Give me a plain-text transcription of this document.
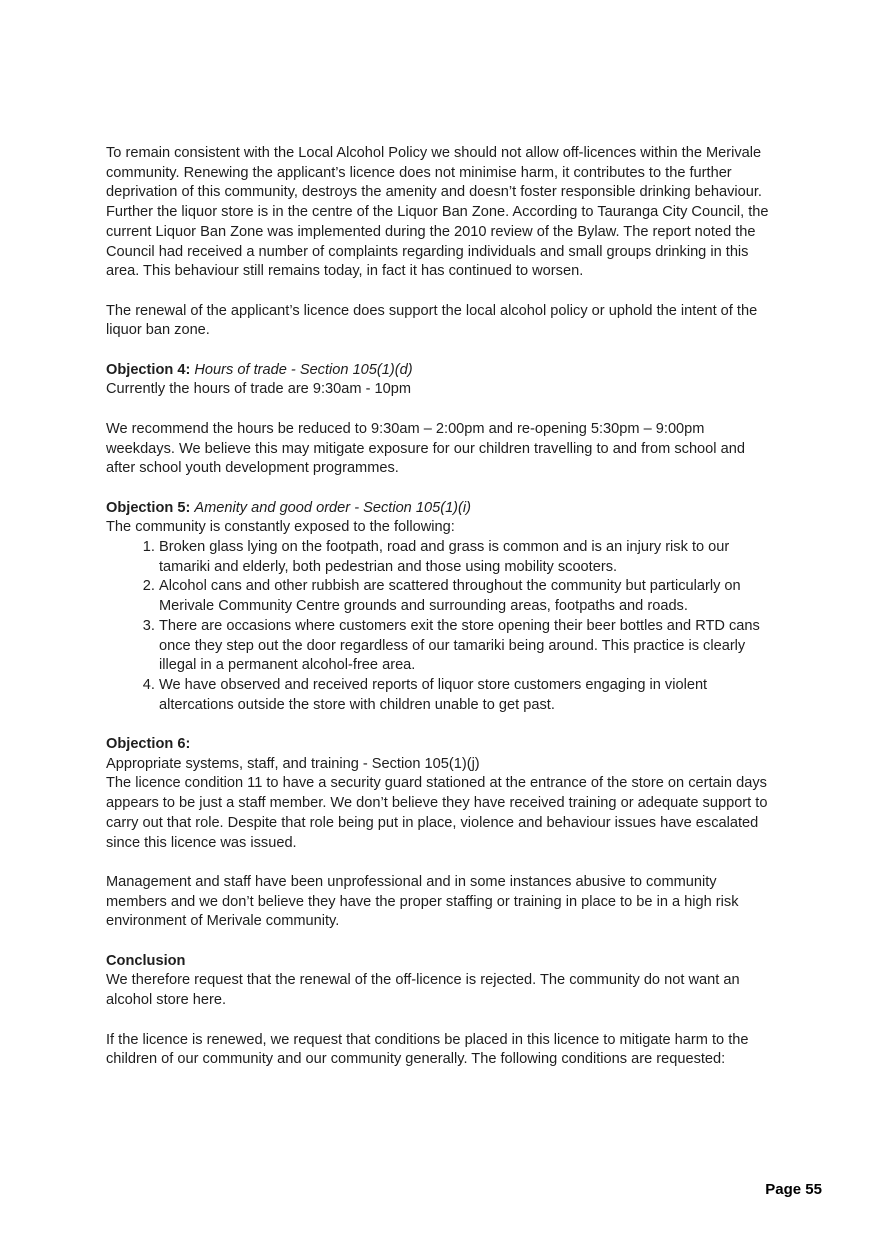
To remain consistent with the Local Alcohol Policy we should not allow off-licences within the Merivale community. Renewing the applicant’s licence does not minimise harm, it contributes to the further deprivation of this community, destroys the amenity and doesn’t foster responsible drinking behaviour.

Further the liquor store is in the centre of the Liquor Ban Zone. According to Tauranga City Council, the current Liquor Ban Zone was implemented during the 2010 review of the Bylaw. The report noted the Council had received a number of complaints regarding individuals and small groups drinking in this area. This behaviour still remains today, in fact it has continued to worsen.

The renewal of the applicant’s licence does support the local alcohol policy or uphold the intent of the liquor ban zone.

Objection 4: Hours of trade - Section 105(1)(d)

Currently the hours of trade are 9:30am - 10pm

We recommend the hours be reduced to 9:30am – 2:00pm and re-opening 5:30pm – 9:00pm weekdays. We believe this may mitigate exposure for our children travelling to and from school and after school youth development programmes.

Objection 5: Amenity and good order - Section 105(1)(i)

The community is constantly exposed to the following:

1. Broken glass lying on the footpath, road and grass is common and is an injury risk to our tamariki and elderly, both pedestrian and those using mobility scooters.
2. Alcohol cans and other rubbish are scattered throughout the community but particularly on Merivale Community Centre grounds and surrounding areas, footpaths and roads.
3. There are occasions where customers exit the store opening their beer bottles and RTD cans once they step out the door regardless of our tamariki being around. This practice is clearly illegal in a permanent alcohol-free area.
4. We have observed and received reports of liquor store customers engaging in violent altercations outside the store with children unable to get past.

Objection 6:

Appropriate systems, staff, and training - Section 105(1)(j)

The licence condition 11 to have a security guard stationed at the entrance of the store on certain days appears to be just a staff member. We don’t believe they have received training or adequate support to carry out that role. Despite that role being put in place, violence and behaviour issues have escalated since this licence was issued.

Management and staff have been unprofessional and in some instances abusive to community members and we don’t believe they have the proper staffing or training in place to be in a high risk environment of Merivale community.

Conclusion

We therefore request that the renewal of the off-licence is rejected. The community do not want an alcohol store here.

If the licence is renewed, we request that conditions be placed in this licence to mitigate harm to the children of our community and our community generally. The following conditions are requested:

Page 55
